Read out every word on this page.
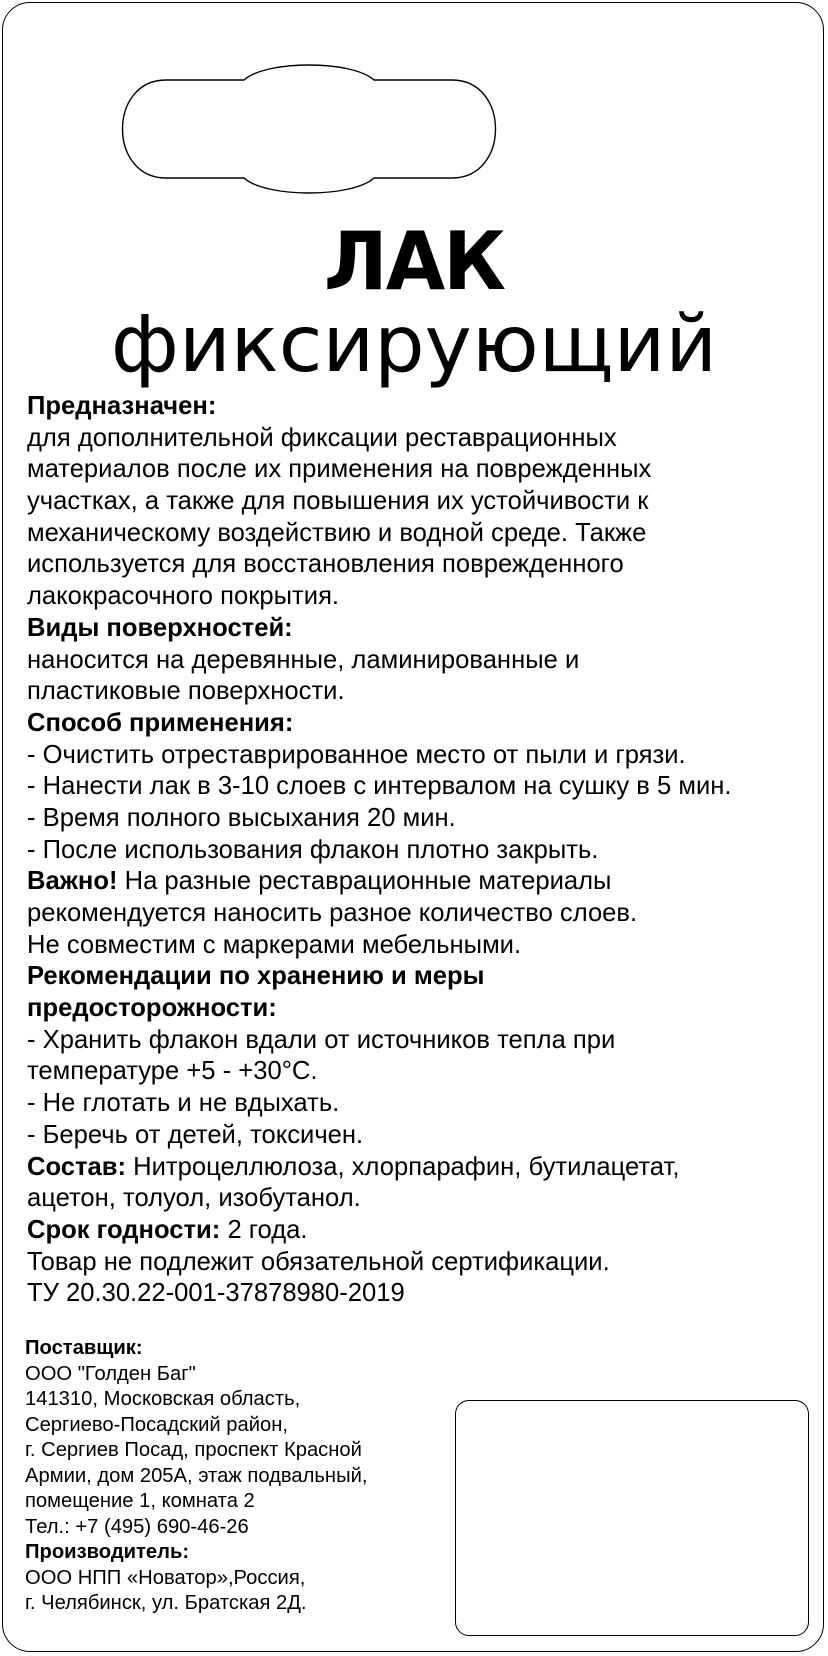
ЛАК
фиксирующий
Предназначен:
для дополнительной фиксации реставрационных
материалов после их применения на поврежденных
участках, а также для повышения их устойчивости к
механическому воздействию и водной среде. Также
используется для восстановления поврежденного
лакокрасочного покрытия.
Виды поверхностей:
наносится на деревянные, ламинированные и
пластиковые поверхности.
Способ применения:
- Очистить отреставрированное место от пыли и грязи.
- Нанести лак в 3-10 слоев с интервалом на сушку в 5 мин.
- Время полного высыхания 20 мин.
- После использования флакон плотно закрыть.
Важно! На разные реставрационные материалы
рекомендуется наносить разное количество слоев.
Не совместим с маркерами мебельными.
Рекомендации по хранению и меры
предосторожности:
- Хранить флакон вдали от источников тепла при
температуре +5 - +30°С.
- Не глотать и не вдыхать.
- Беречь от детей, токсичен.
Состав: Нитроцеллюлоза, хлорпарафин, бутилацетат,
ацетон, толуол, изобутанол.
Срок годности: 2 года.
Товар не подлежит обязательной сертификации.
ТУ 20.30.22-001-37878980-2019
Поставщик:
ООО "Голден Баг"
141310, Московская область,
Сергиево-Посадский район,
г. Сергиев Посад, проспект Красной
Армии, дом 205А, этаж подвальный,
помещение 1, комната 2
Тел.: +7 (495) 690-46-26
Производитель:
ООО НПП «Новатор»,Россия,
г. Челябинск, ул. Братская 2Д.
